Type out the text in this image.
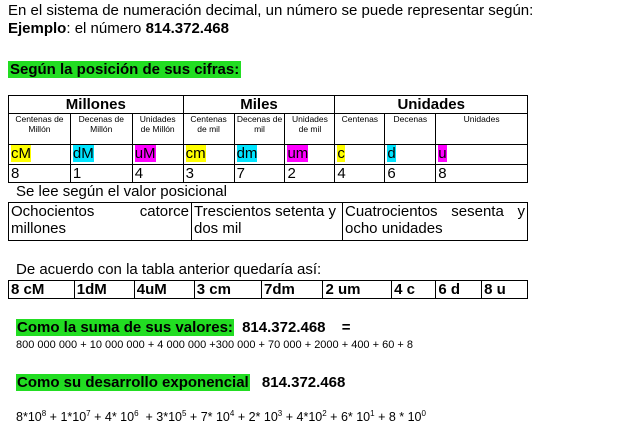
En el sistema de numeración decimal, un número se puede representar según:
Ejemplo: el número 814.372.468
Según la posición de sus cifras:
Millones			Miles			Unidades		
Centenas de Millón	Decenas de Millón	Unidades de Millón	Centenas de mil	Decenas de mil	Unidades de mil	Centenas	Decenas	Unidades
cM	dM	uM	cm	dm	um	c	d	u
8	1	4	3	7	2	4	6	8
Se lee según el valor posicional
Ochocientos catorce millones	Trescientos setenta y dos mil	Cuatrocientos sesenta y ocho unidades
De acuerdo con la tabla anterior quedaría así:
8 cM	1dM	4uM	3 cm	7dm	2 um	4 c	6 d	8 u
Como la suma de sus valores: 814.372.468 =
800 000 000 + 10 000 000 + 4 000 000 +300 000 + 70 000 + 2000 + 400 + 60 + 8
Como su desarrollo exponencial 814.372.468
$8*10^8 + 1*10^7 + 4*$ $10^6 + 3*10^5 + 7*$ $10^4 + 2*$ $10^3 + 4*10^2 + 6*$ $10^1 + 8 * 10^0$
